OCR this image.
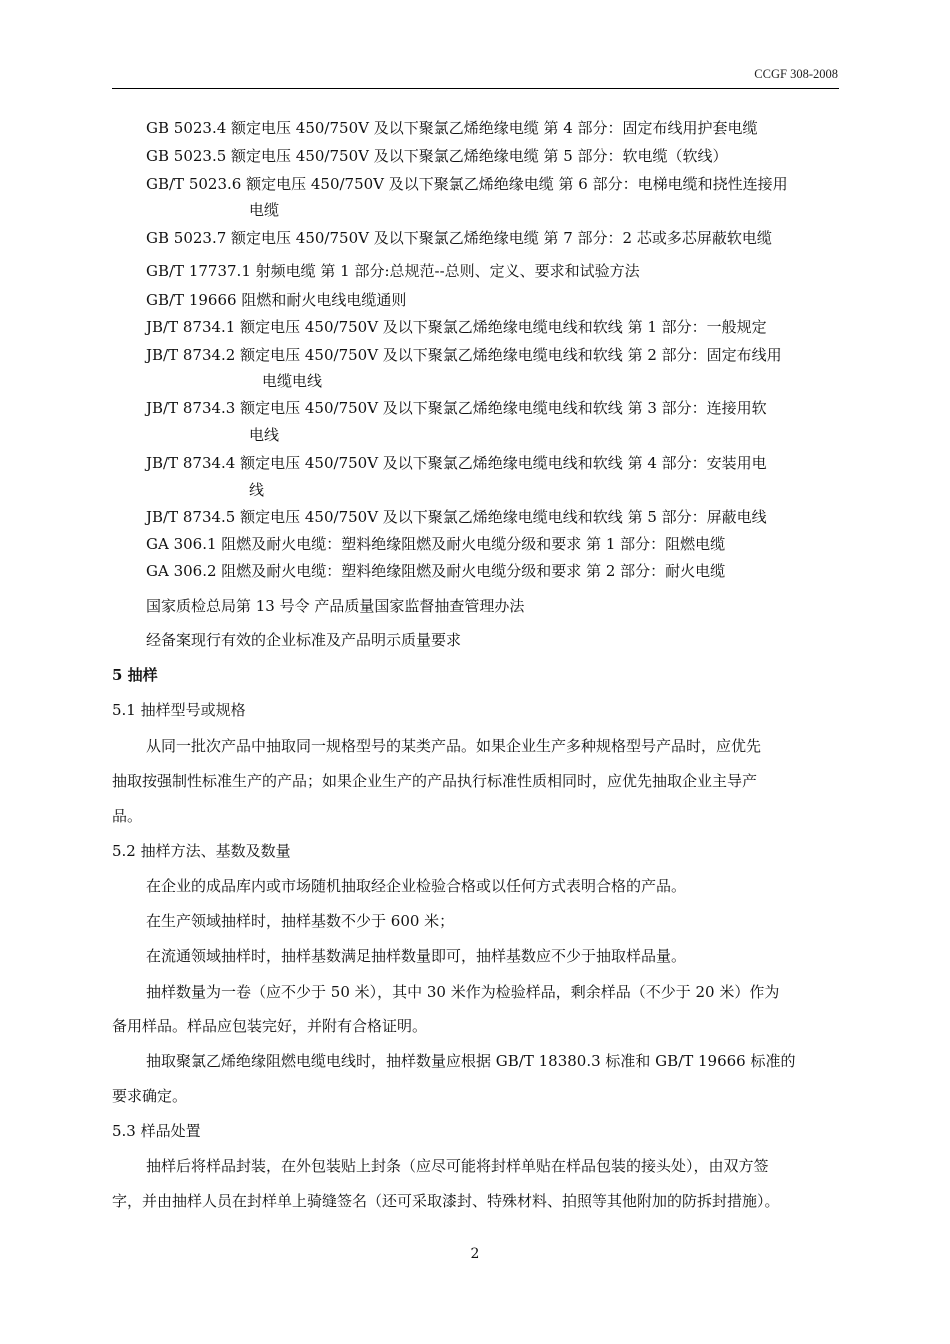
CCGF 308-2008
GB 5023.4 额定电压 450/750V 及以下聚氯乙烯绝缘电缆 第 4 部分：固定布线用护套电缆
GB 5023.5 额定电压 450/750V 及以下聚氯乙烯绝缘电缆 第 5 部分：软电缆（软线）
GB/T 5023.6 额定电压 450/750V 及以下聚氯乙烯绝缘电缆 第 6 部分：电梯电缆和挠性连接用
电缆
GB 5023.7 额定电压 450/750V 及以下聚氯乙烯绝缘电缆 第 7 部分：2 芯或多芯屏蔽软电缆
GB/T 17737.1 射频电缆 第 1 部分:总规范--总则、定义、要求和试验方法
GB/T 19666 阻燃和耐火电线电缆通则
JB/T 8734.1 额定电压 450/750V 及以下聚氯乙烯绝缘电缆电线和软线 第 1 部分：一般规定
JB/T 8734.2 额定电压 450/750V 及以下聚氯乙烯绝缘电缆电线和软线 第 2 部分：固定布线用
电缆电线
JB/T 8734.3 额定电压 450/750V 及以下聚氯乙烯绝缘电缆电线和软线 第 3 部分：连接用软
电线
JB/T 8734.4 额定电压 450/750V 及以下聚氯乙烯绝缘电缆电线和软线 第 4 部分：安装用电
线
JB/T 8734.5 额定电压 450/750V 及以下聚氯乙烯绝缘电缆电线和软线 第 5 部分：屏蔽电线
GA 306.1 阻燃及耐火电缆：塑料绝缘阻燃及耐火电缆分级和要求 第 1 部分：阻燃电缆
GA 306.2 阻燃及耐火电缆：塑料绝缘阻燃及耐火电缆分级和要求 第 2 部分：耐火电缆
国家质检总局第 13 号令 产品质量国家监督抽查管理办法
经备案现行有效的企业标准及产品明示质量要求
5 抽样
5.1 抽样型号或规格
从同一批次产品中抽取同一规格型号的某类产品。如果企业生产多种规格型号产品时，应优先
抽取按强制性标准生产的产品；如果企业生产的产品执行标准性质相同时，应优先抽取企业主导产
品。
5.2 抽样方法、基数及数量
在企业的成品库内或市场随机抽取经企业检验合格或以任何方式表明合格的产品。
在生产领域抽样时，抽样基数不少于 600 米；
在流通领域抽样时，抽样基数满足抽样数量即可，抽样基数应不少于抽取样品量。
抽样数量为一卷（应不少于 50 米），其中 30 米作为检验样品，剩余样品（不少于 20 米）作为
备用样品。样品应包装完好，并附有合格证明。
抽取聚氯乙烯绝缘阻燃电缆电线时，抽样数量应根据 GB/T 18380.3 标准和 GB/T 19666 标准的
要求确定。
5.3 样品处置
抽样后将样品封装，在外包装贴上封条（应尽可能将封样单贴在样品包装的接头处），由双方签
字，并由抽样人员在封样单上骑缝签名（还可采取漆封、特殊材料、拍照等其他附加的防拆封措施）。
2
